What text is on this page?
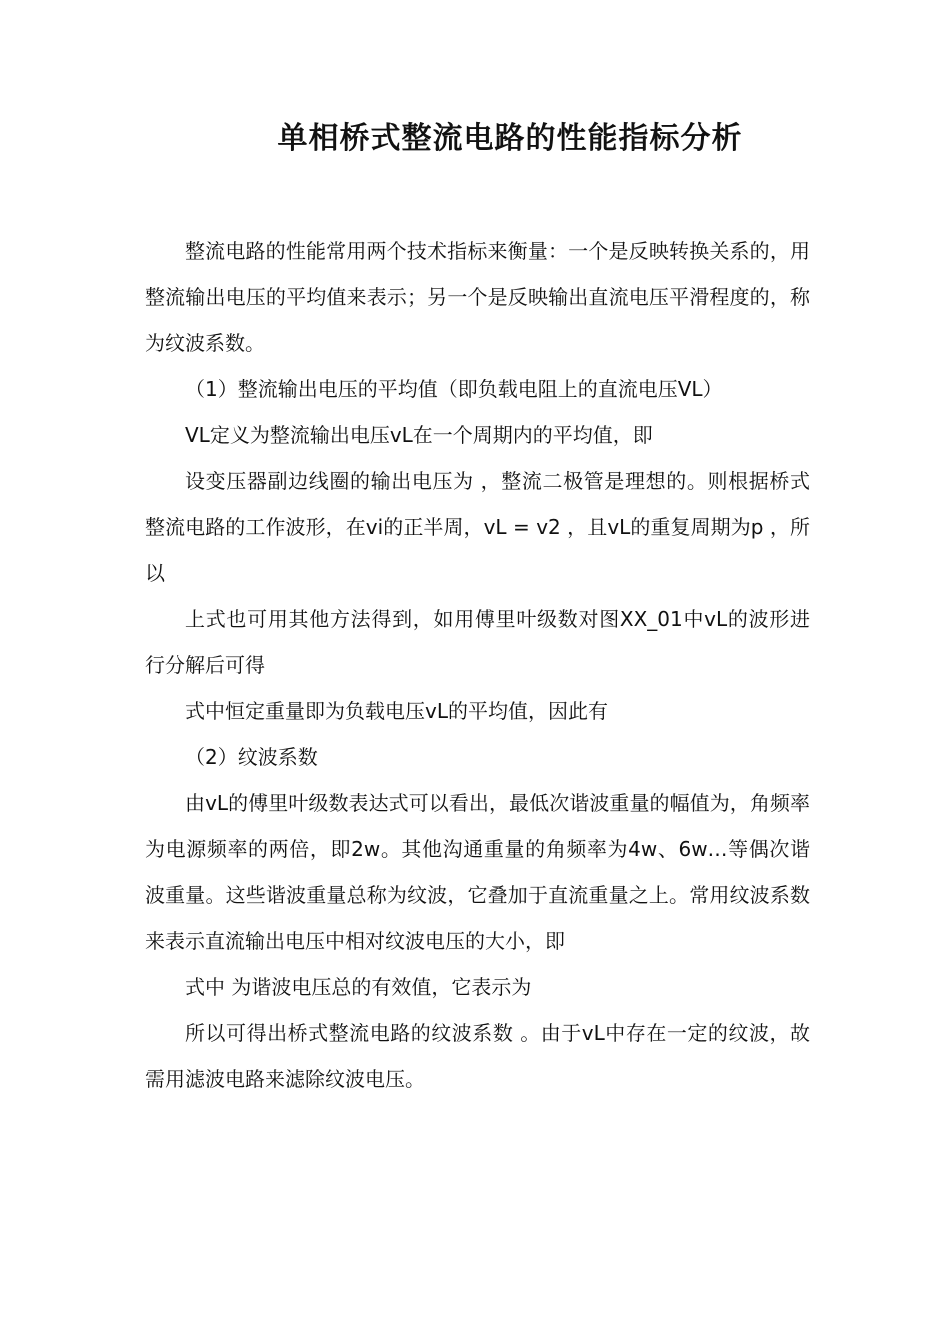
单相桥式整流电路的性能指标分析

整流电路的性能常用两个技术指标来衡量：一个是反映转换关系的，用整流输出电压的平均值来表示；另一个是反映输出直流电压平滑程度的，称为纹波系数。

（1）整流输出电压的平均值（即负载电阻上的直流电压VL）

VL定义为整流输出电压vL在一个周期内的平均值，即

设变压器副边线圈的输出电压为 ，整流二极管是理想的。则根据桥式整流电路的工作波形，在vi的正半周，vL = v2 ，且vL的重复周期为p ，所以

上式也可用其他方法得到，如用傅里叶级数对图XX_01中vL的波形进行分解后可得

式中恒定重量即为负载电压vL的平均值，因此有

（2）纹波系数

由vL的傅里叶级数表达式可以看出，最低次谐波重量的幅值为，角频率为电源频率的两倍，即2w。其他沟通重量的角频率为4w、6w…等偶次谐波重量。这些谐波重量总称为纹波，它叠加于直流重量之上。常用纹波系数 来表示直流输出电压中相对纹波电压的大小，即

式中 为谐波电压总的有效值，它表示为

所以可得出桥式整流电路的纹波系数 。由于vL中存在一定的纹波，故需用滤波电路来滤除纹波电压。
